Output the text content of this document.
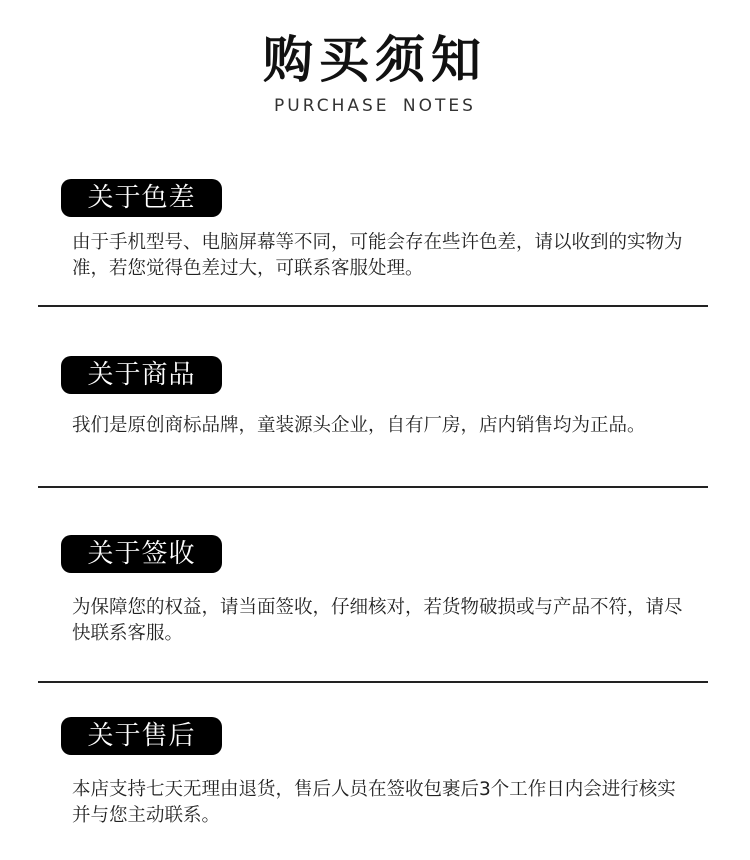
购买须知
PURCHASE NOTES
关于色差
由于手机型号、电脑屏幕等不同，可能会存在些许色差，请以收到的实物为准，若您觉得色差过大，可联系客服处理。
关于商品
我们是原创商标品牌，童装源头企业，自有厂房，店内销售均为正品。
关于签收
为保障您的权益，请当面签收，仔细核对，若货物破损或与产品不符，请尽快联系客服。
关于售后
本店支持七天无理由退货，售后人员在签收包裹后3个工作日内会进行核实并与您主动联系。
